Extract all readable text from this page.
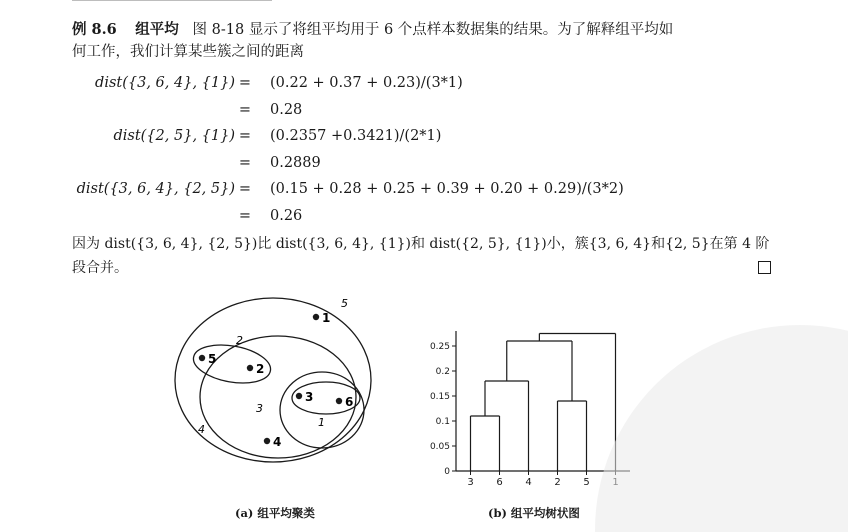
例 8.6 组平均 图 8-18 显示了将组平均用于 6 个点样本数据集的结果。为了解释组平均如
何工作，我们计算某些簇之间的距离
dist({3, 6, 4}, {1}) = (0.22 + 0.37 + 0.23)/(3*1)
= 0.28
dist({2, 5}, {1}) = (0.2357 +0.3421)/(2*1)
= 0.2889
dist({3, 6, 4}, {2, 5}) = (0.15 + 0.28 + 0.25 + 0.39 + 0.20 + 0.29)/(3*2)
= 0.26
因为 dist({3, 6, 4}, {2, 5})比 dist({3, 6, 4}, {1})和 dist({2, 5}, {1})小，簇{3, 6, 4}和{2, 5}在第 4 阶
段合并。
1
5
2
3	6
4
5
2
3
1
4
(a) 组平均聚类
0
0.05
0.1
0.15
0.2
0.25
3 6 4 2 5
(b) 组平均树状图
